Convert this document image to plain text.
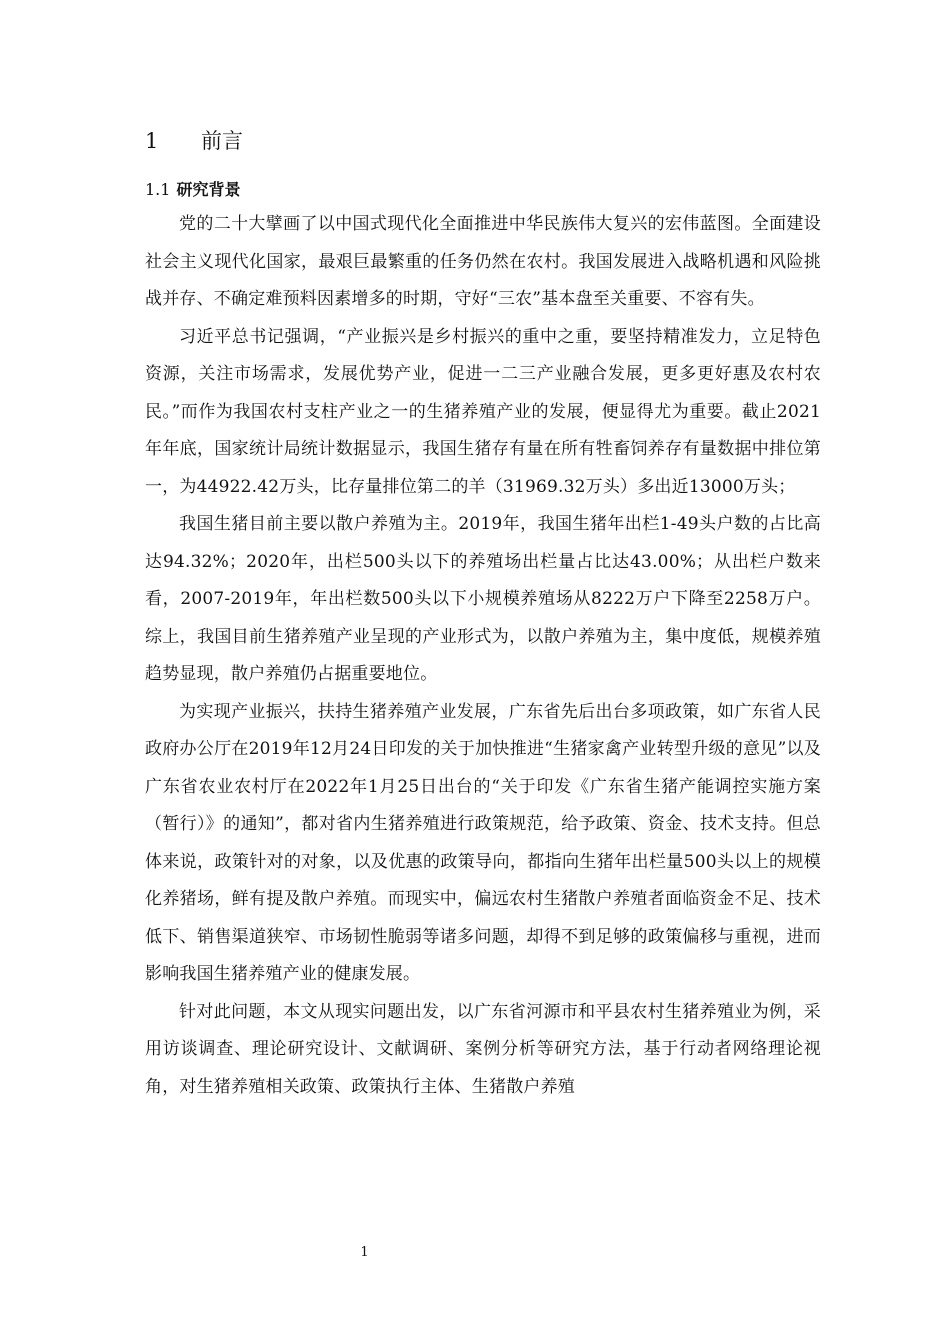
1	前言
1.1 研究背景

党的二十大擘画了以中国式现代化全面推进中华民族伟大复兴的宏伟蓝图。全面建设社会主义现代化国家，最艰巨最繁重的任务仍然在农村。我国发展进入战略机遇和风险挑战并存、不确定难预料因素增多的时期，守好“三农”基本盘至关重要、不容有失。

习近平总书记强调，“产业振兴是乡村振兴的重中之重，要坚持精准发力，立足特色资源，关注市场需求，发展优势产业，促进一二三产业融合发展，更多更好惠及农村农民。”而作为我国农村支柱产业之一的生猪养殖产业的发展，便显得尤为重要。截止2021年年底，国家统计局统计数据显示，我国生猪存有量在所有牲畜饲养存有量数据中排位第一，为44922.42万头，比存量排位第二的羊（31969.32万头）多出近13000万头；

我国生猪目前主要以散户养殖为主。2019年，我国生猪年出栏1-49头户数的占比高达94.32%；2020年，出栏500头以下的养殖场出栏量占比达43.00%；从出栏户数来看，2007-2019年，年出栏数500头以下小规模养殖场从8222万户下降至2258万户。综上，我国目前生猪养殖产业呈现的产业形式为，以散户养殖为主，集中度低，规模养殖趋势显现，散户养殖仍占据重要地位。

为实现产业振兴，扶持生猪养殖产业发展，广东省先后出台多项政策，如广东省人民政府办公厅在2019年12月24日印发的关于加快推进“生猪家禽产业转型升级的意见”以及广东省农业农村厅在2022年1月25日出台的“关于印发《广东省生猪产能调控实施方案（暂行）》的通知”，都对省内生猪养殖进行政策规范，给予政策、资金、技术支持。但总体来说，政策针对的对象，以及优惠的政策导向，都指向生猪年出栏量500头以上的规模化养猪场，鲜有提及散户养殖。而现实中，偏远农村生猪散户养殖者面临资金不足、技术低下、销售渠道狭窄、市场韧性脆弱等诸多问题，却得不到足够的政策偏移与重视，进而影响我国生猪养殖产业的健康发展。

针对此问题，本文从现实问题出发，以广东省河源市和平县农村生猪养殖业为例，采用访谈调查、理论研究设计、文献调研、案例分析等研究方法，基于行动者网络理论视角，对生猪养殖相关政策、政策执行主体、生猪散户养殖

1
